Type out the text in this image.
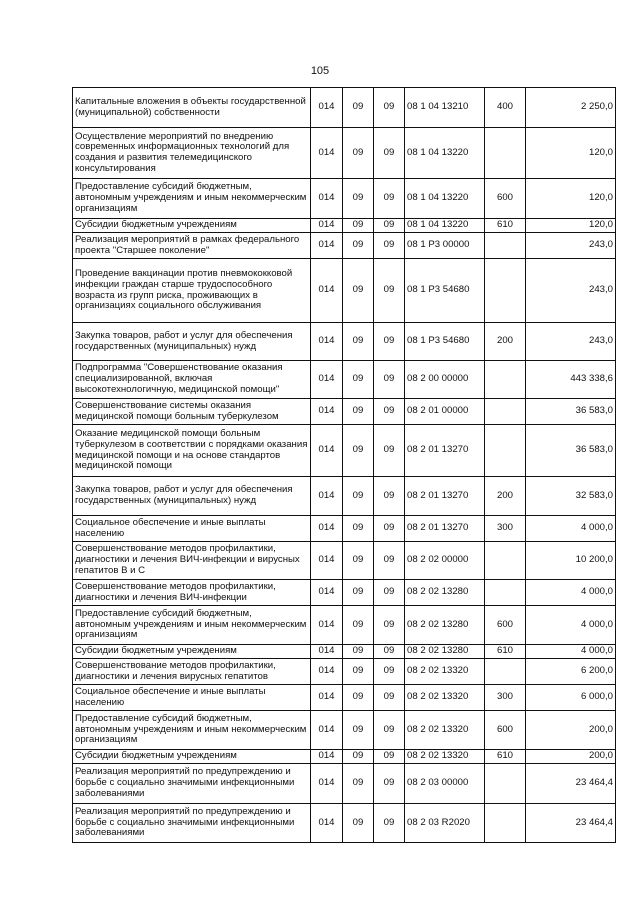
105
Капитальные вложения в объекты государственной (муниципальной) собственности	014	09	09	08 1 04 13210	400	2 250,0
Осуществление мероприятий по внедрению современных информационных технологий для создания и развития телемедицинского консультирования	014	09	09	08 1 04 13220		120,0
Предоставление субсидий бюджетным, автономным учреждениям и иным некоммерческим организациям	014	09	09	08 1 04 13220	600	120,0
Субсидии бюджетным учреждениям	014	09	09	08 1 04 13220	610	120,0
Реализация мероприятий в рамках федерального проекта "Старшее поколение"	014	09	09	08 1 P3 00000		243,0
Проведение вакцинации против пневмококковой инфекции граждан старше трудоспособного возраста из групп риска, проживающих в организациях социального обслуживания	014	09	09	08 1 P3 54680		243,0
Закупка товаров, работ и услуг для обеспечения государственных (муниципальных) нужд	014	09	09	08 1 P3 54680	200	243,0
Подпрограмма "Совершенствование оказания специализированной, включая высокотехнологичную, медицинской помощи"	014	09	09	08 2 00 00000		443 338,6
Совершенствование системы оказания медицинской помощи больным туберкулезом	014	09	09	08 2 01 00000		36 583,0
Оказание медицинской помощи больным туберкулезом в соответствии с порядками оказания медицинской помощи и на основе стандартов медицинской помощи	014	09	09	08 2 01 13270		36 583,0
Закупка товаров, работ и услуг для обеспечения государственных (муниципальных) нужд	014	09	09	08 2 01 13270	200	32 583,0
Социальное обеспечение и иные выплаты населению	014	09	09	08 2 01 13270	300	4 000,0
Совершенствование методов профилактики, диагностики и лечения ВИЧ-инфекции и вирусных гепатитов B и C	014	09	09	08 2 02 00000		10 200,0
Совершенствование методов профилактики, диагностики и лечения ВИЧ-инфекции	014	09	09	08 2 02 13280		4 000,0
Предоставление субсидий бюджетным, автономным учреждениям и иным некоммерческим организациям	014	09	09	08 2 02 13280	600	4 000,0
Субсидии бюджетным учреждениям	014	09	09	08 2 02 13280	610	4 000,0
Совершенствование методов профилактики, диагностики и лечения вирусных гепатитов	014	09	09	08 2 02 13320		6 200,0
Социальное обеспечение и иные выплаты населению	014	09	09	08 2 02 13320	300	6 000,0
Предоставление субсидий бюджетным, автономным учреждениям и иным некоммерческим организациям	014	09	09	08 2 02 13320	600	200,0
Субсидии бюджетным учреждениям	014	09	09	08 2 02 13320	610	200,0
Реализация мероприятий по предупреждению и борьбе с социально значимыми инфекционными заболеваниями	014	09	09	08 2 03 00000		23 464,4
Реализация мероприятий по предупреждению и борьбе с социально значимыми инфекционными заболеваниями	014	09	09	08 2 03 R2020		23 464,4
